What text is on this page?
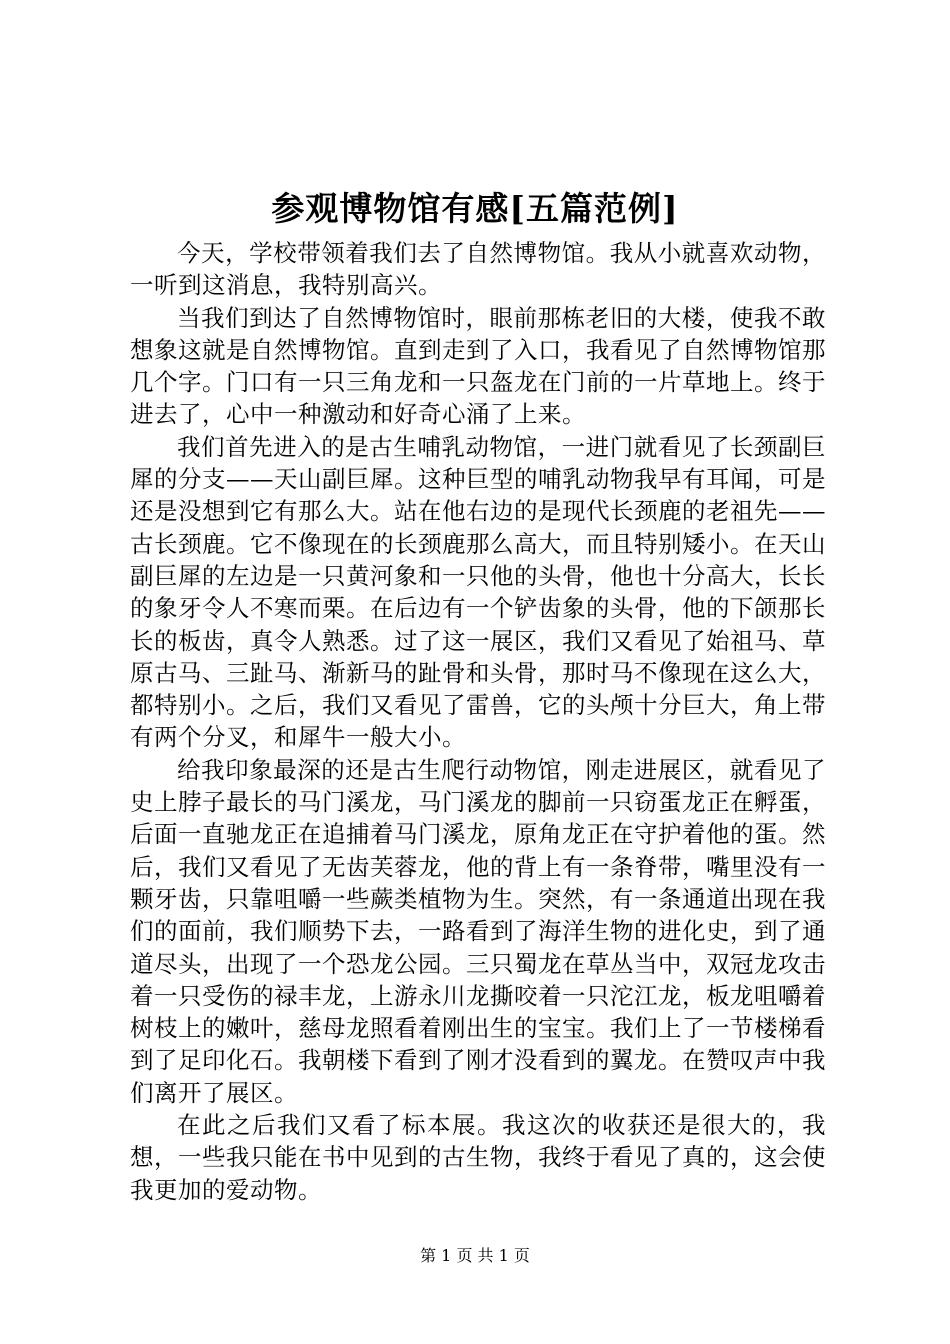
参观博物馆有感[五篇范例]

今天，学校带领着我们去了自然博物馆。我从小就喜欢动物，一听到这消息，我特别高兴。

当我们到达了自然博物馆时，眼前那栋老旧的大楼，使我不敢想象这就是自然博物馆。直到走到了入口，我看见了自然博物馆那几个字。门口有一只三角龙和一只盔龙在门前的一片草地上。终于进去了，心中一种激动和好奇心涌了上来。

我们首先进入的是古生哺乳动物馆，一进门就看见了长颈副巨犀的分支——天山副巨犀。这种巨型的哺乳动物我早有耳闻，可是还是没想到它有那么大。站在他右边的是现代长颈鹿的老祖先——古长颈鹿。它不像现在的长颈鹿那么高大，而且特别矮小。在天山副巨犀的左边是一只黄河象和一只他的头骨，他也十分高大，长长的象牙令人不寒而栗。在后边有一个铲齿象的头骨，他的下颌那长长的板齿，真令人熟悉。过了这一展区，我们又看见了始祖马、草原古马、三趾马、渐新马的趾骨和头骨，那时马不像现在这么大，都特别小。之后，我们又看见了雷兽，它的头颅十分巨大，角上带有两个分叉，和犀牛一般大小。

给我印象最深的还是古生爬行动物馆，刚走进展区，就看见了史上脖子最长的马门溪龙，马门溪龙的脚前一只窃蛋龙正在孵蛋，后面一直驰龙正在追捕着马门溪龙，原角龙正在守护着他的蛋。然后，我们又看见了无齿芙蓉龙，他的背上有一条脊带，嘴里没有一颗牙齿，只靠咀嚼一些蕨类植物为生。突然，有一条通道出现在我们的面前，我们顺势下去，一路看到了海洋生物的进化史，到了通道尽头，出现了一个恐龙公园。三只蜀龙在草丛当中，双冠龙攻击着一只受伤的禄丰龙，上游永川龙撕咬着一只沱江龙，板龙咀嚼着树枝上的嫩叶，慈母龙照看着刚出生的宝宝。我们上了一节楼梯看到了足印化石。我朝楼下看到了刚才没看到的翼龙。在赞叹声中我们离开了展区。

在此之后我们又看了标本展。我这次的收获还是很大的，我想，一些我只能在书中见到的古生物，我终于看见了真的，这会使我更加的爱动物。

第 1 页 共 1 页
